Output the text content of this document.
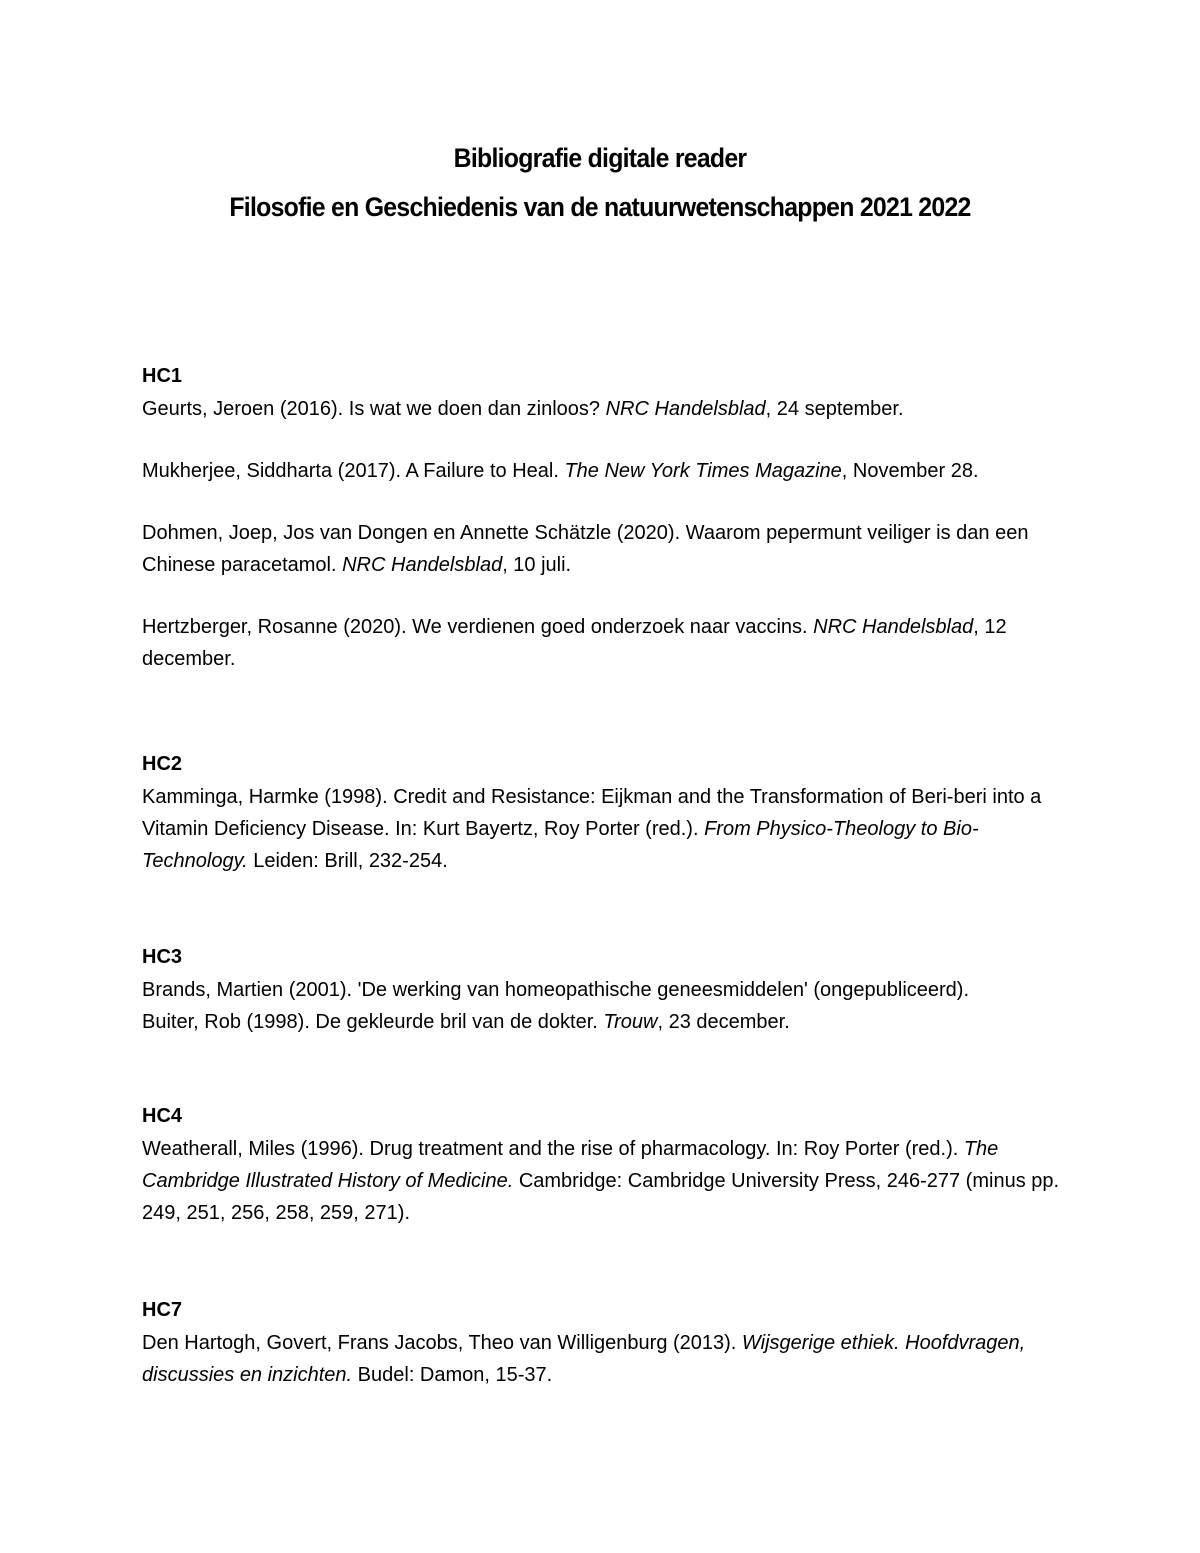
Bibliografie digitale reader
Filosofie en Geschiedenis van de natuurwetenschappen 2021 2022

HC1

Geurts, Jeroen (2016). Is wat we doen dan zinloos? NRC Handelsblad, 24 september.

Mukherjee, Siddharta (2017). A Failure to Heal. The New York Times Magazine, November 28.

Dohmen, Joep, Jos van Dongen en Annette Schätzle (2020). Waarom pepermunt veiliger is dan een Chinese paracetamol. NRC Handelsblad, 10 juli.

Hertzberger, Rosanne (2020). We verdienen goed onderzoek naar vaccins. NRC Handelsblad, 12 december.

HC2

Kamminga, Harmke (1998). Credit and Resistance: Eijkman and the Transformation of Beri-beri into a Vitamin Deficiency Disease. In: Kurt Bayertz, Roy Porter (red.). From Physico-Theology to Bio-Technology. Leiden: Brill, 232-254.

HC3

Brands, Martien (2001). 'De werking van homeopathische geneesmiddelen' (ongepubliceerd).

Buiter, Rob (1998). De gekleurde bril van de dokter. Trouw, 23 december.

HC4

Weatherall, Miles (1996). Drug treatment and the rise of pharmacology. In: Roy Porter (red.). The Cambridge Illustrated History of Medicine. Cambridge: Cambridge University Press, 246-277 (minus pp. 249, 251, 256, 258, 259, 271).

HC7

Den Hartogh, Govert, Frans Jacobs, Theo van Willigenburg (2013). Wijsgerige ethiek. Hoofdvragen, discussies en inzichten. Budel: Damon, 15-37.
